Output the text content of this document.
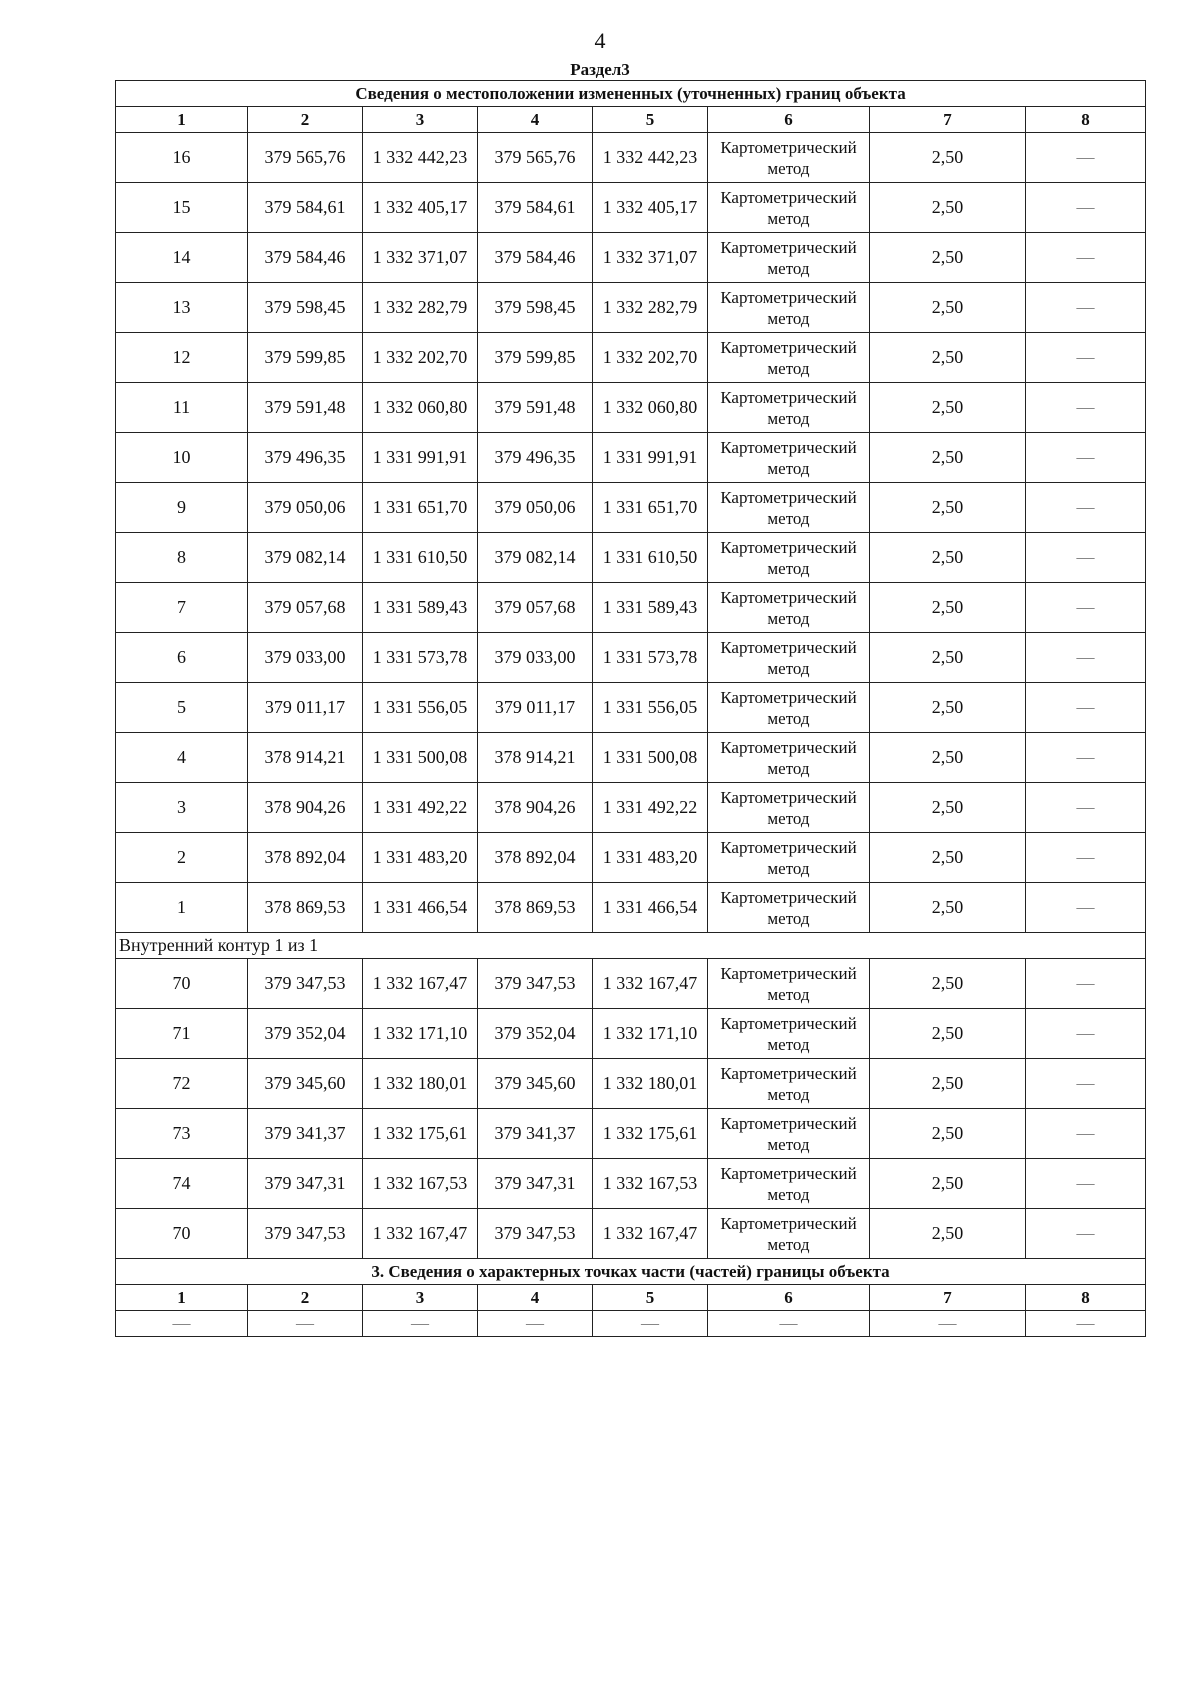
4
Раздел3
Сведения о местоположении измененных (уточненных) границ объекта							
1	2	3	4	5	6	7	8
16	379 565,76	1 332 442,23	379 565,76	1 332 442,23	Картометрический метод	2,50	—
15	379 584,61	1 332 405,17	379 584,61	1 332 405,17	Картометрический метод	2,50	—
14	379 584,46	1 332 371,07	379 584,46	1 332 371,07	Картометрический метод	2,50	—
13	379 598,45	1 332 282,79	379 598,45	1 332 282,79	Картометрический метод	2,50	—
12	379 599,85	1 332 202,70	379 599,85	1 332 202,70	Картометрический метод	2,50	—
11	379 591,48	1 332 060,80	379 591,48	1 332 060,80	Картометрический метод	2,50	—
10	379 496,35	1 331 991,91	379 496,35	1 331 991,91	Картометрический метод	2,50	—
9	379 050,06	1 331 651,70	379 050,06	1 331 651,70	Картометрический метод	2,50	—
8	379 082,14	1 331 610,50	379 082,14	1 331 610,50	Картометрический метод	2,50	—
7	379 057,68	1 331 589,43	379 057,68	1 331 589,43	Картометрический метод	2,50	—
6	379 033,00	1 331 573,78	379 033,00	1 331 573,78	Картометрический метод	2,50	—
5	379 011,17	1 331 556,05	379 011,17	1 331 556,05	Картометрический метод	2,50	—
4	378 914,21	1 331 500,08	378 914,21	1 331 500,08	Картометрический метод	2,50	—
3	378 904,26	1 331 492,22	378 904,26	1 331 492,22	Картометрический метод	2,50	—
2	378 892,04	1 331 483,20	378 892,04	1 331 483,20	Картометрический метод	2,50	—
1	378 869,53	1 331 466,54	378 869,53	1 331 466,54	Картометрический метод	2,50	—
Внутренний контур 1 из 1							
70	379 347,53	1 332 167,47	379 347,53	1 332 167,47	Картометрический метод	2,50	—
71	379 352,04	1 332 171,10	379 352,04	1 332 171,10	Картометрический метод	2,50	—
72	379 345,60	1 332 180,01	379 345,60	1 332 180,01	Картометрический метод	2,50	—
73	379 341,37	1 332 175,61	379 341,37	1 332 175,61	Картометрический метод	2,50	—
74	379 347,31	1 332 167,53	379 347,31	1 332 167,53	Картометрический метод	2,50	—
70	379 347,53	1 332 167,47	379 347,53	1 332 167,47	Картометрический метод	2,50	—
3. Сведения о характерных точках части (частей) границы объекта							
1	2	3	4	5	6	7	8
—	—	—	—	—	—	—	—
